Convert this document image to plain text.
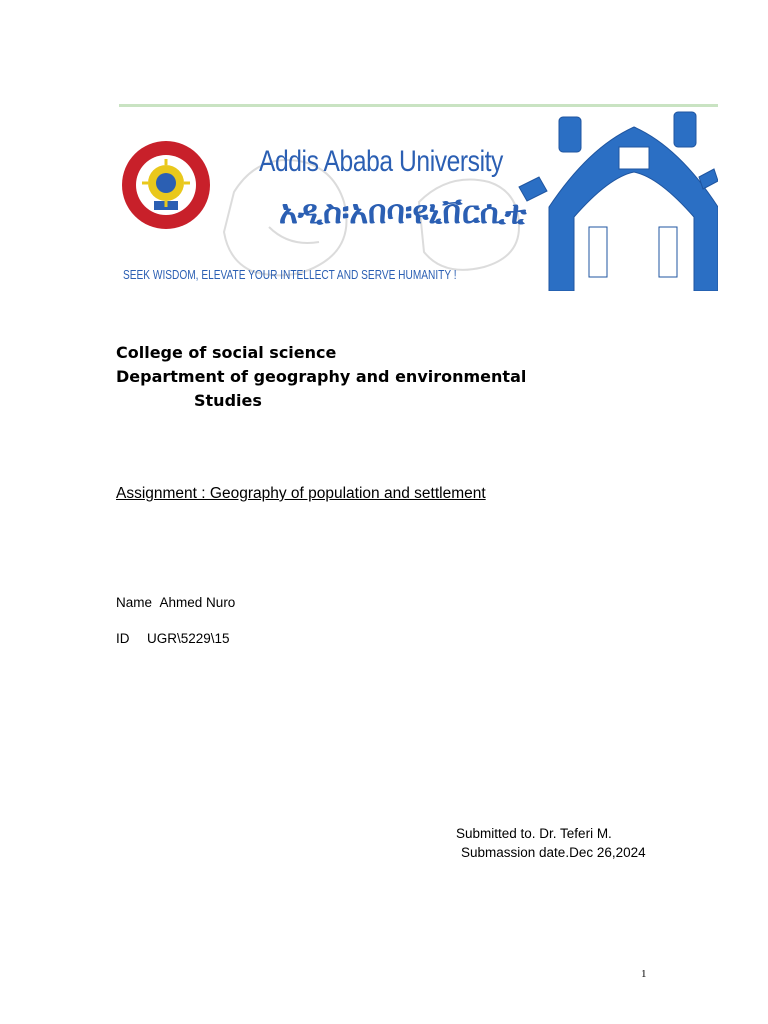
Addis Ababa University
አዲስ፡አበባ፡ዩኒቨርሲቲ
SEEK WISDOM, ELEVATE YOUR INTELLECT AND SERVE HUMANITY !
College of social science
Department of geography and environmental
Studies
Assignment : Geography of population and settlement
Name Ahmed Nuro
ID UGR\5229\15
Submitted to. Dr. Teferi M.
Submassion date.Dec 26,2024
1
